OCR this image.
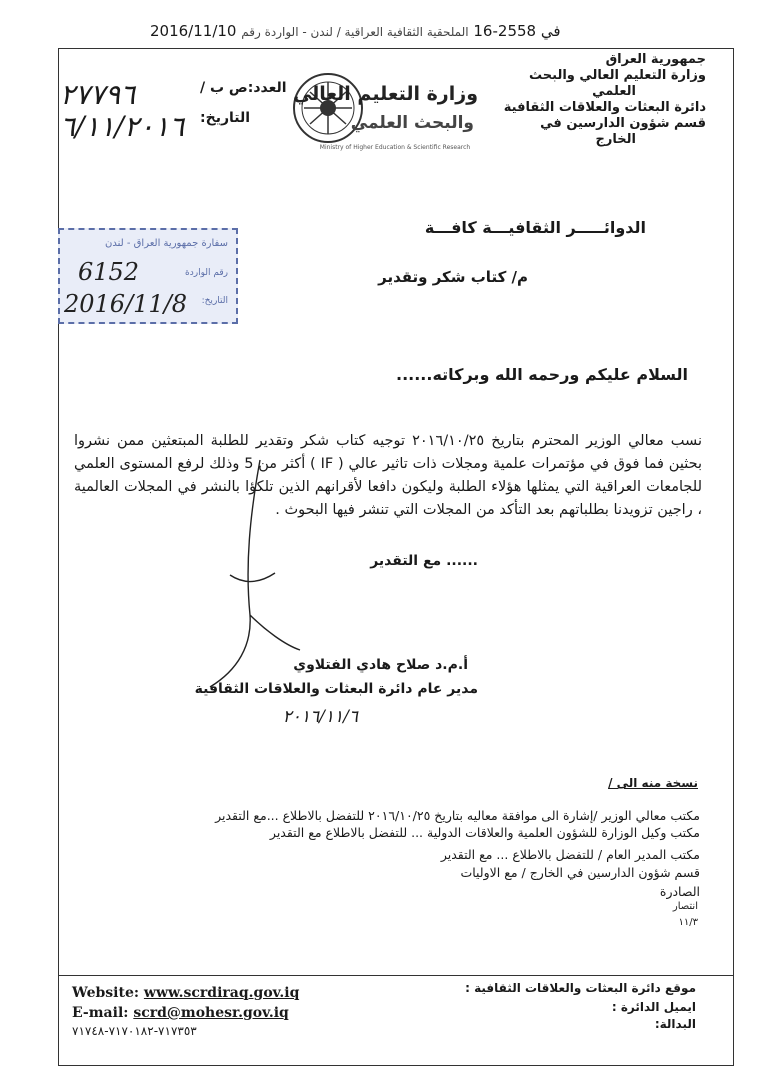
2016/11/10	في 2558-16 الملحقية الثقافية العراقية / لندن - الواردة رقم
جمهورية العراق
وزارة التعليم العالي والبحث
العلمي
دائرة البعثات والعلاقات الثقافية
قسم شؤون الدارسين في
الخارج
وزارة التعليم العالي
والبحث العلمي
Ministry of Higher Education & Scientific Research
العدد:ص ب /
التاريخ:
٢٧٧٩٦
٦/١١/٢٠١٦
سفارة جمهورية العراق - لندن
رقم الواردة
التاريخ:
6152
2016/11/8
الدوائـــــر الثقافيـــة كافـــة
م/ كتاب شكر وتقدير
السلام عليكم ورحمه الله وبركاته......
نسب معالي الوزير المحترم بتاريخ ٢٠١٦/١٠/٢٥ توجيه كتاب شكر وتقدير للطلبة المبتعثين ممن نشروا بحثين فما فوق في مؤتمرات علمية ومجلات ذات تاثير عالي ( IF ) أكثر من 5 وذلك لرفع المستوى العلمي للجامعات العراقية التي يمثلها هؤلاء الطلبة وليكون دافعا لأقرانهم الذين تلكؤا بالنشر في المجلات العالمية ، راجين تزويدنا بطلباتهم بعد التأكد من المجلات التي تنشر فيها البحوث .
...... مع التقدير
أ.م.د صلاح هادي الفتلاوي
مدير عام دائرة البعثات والعلاقات الثقافية
٢٠١٦/١١/٦
نسخة منه الى /
مكتب معالي الوزير /إشارة الى موافقة معاليه بتاريخ ٢٠١٦/١٠/٢٥ للتفضل بالاطلاع ...مع التقدير
مكتب وكيل الوزارة للشؤون العلمية والعلاقات الدولية ... للتفضل بالاطلاع مع التقدير
مكتب المدير العام / للتفضل بالاطلاع ... مع التقدير
قسم شؤون الدارسين في الخارج / مع الاوليات
الصادرة
انتصار
١١/٣
موقع دائرة البعثات والعلاقات الثقافية :
ايميل الدائرة :
البدالة:
Website: www.scrdiraq.gov.iq
E-mail: scrd@mohesr.gov.iq
٧١٧٣٥٣-٧١٧٠١٨٢-٧١٧٤٨
